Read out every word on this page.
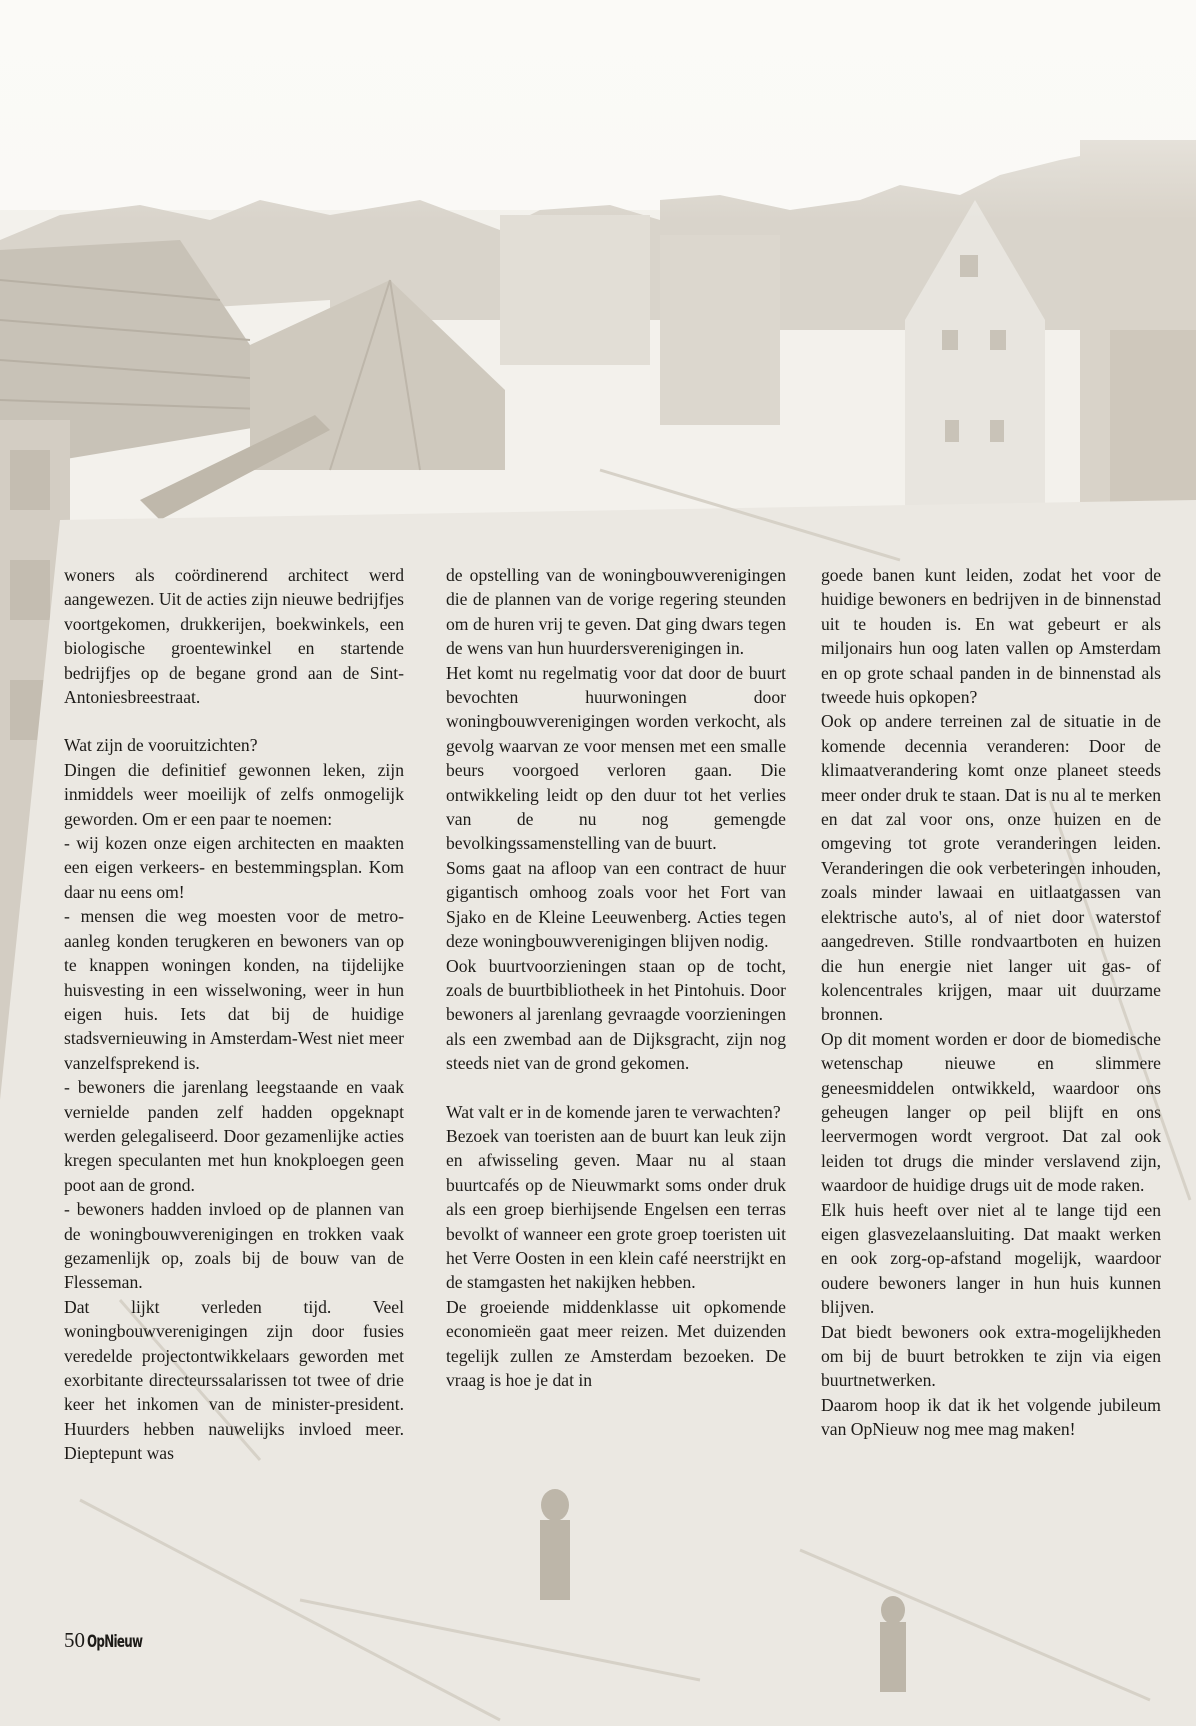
woners als coördinerend architect werd aangewezen. Uit de acties zijn nieuwe bedrijfjes voortgekomen, drukkerijen, boekwinkels, een biologische groentewinkel en startende bedrijfjes op de begane grond aan de Sint-Antoniesbreestraat.

Wat zijn de vooruitzichten?

Dingen die definitief gewonnen leken, zijn inmiddels weer moeilijk of zelfs onmogelijk geworden. Om er een paar te noemen:

- wij kozen onze eigen architecten en maakten een eigen verkeers- en bestemmingsplan. Kom daar nu eens om!

- mensen die weg moesten voor de metro-aanleg konden terugkeren en bewoners van op te knappen woningen konden, na tijdelijke huisvesting in een wisselwoning, weer in hun eigen huis. Iets dat bij de huidige stadsvernieuwing in Amsterdam-West niet meer vanzelfsprekend is.

- bewoners die jarenlang leegstaande en vaak vernielde panden zelf hadden opgeknapt werden gelegaliseerd. Door gezamenlijke acties kregen speculanten met hun knokploegen geen poot aan de grond.

- bewoners hadden invloed op de plannen van de woningbouwverenigingen en trokken vaak gezamenlijk op, zoals bij de bouw van de Flesseman.

Dat lijkt verleden tijd. Veel woningbouwverenigingen zijn door fusies veredelde projectontwikkelaars geworden met exorbitante directeurssalarissen tot twee of drie keer het inkomen van de minister-president. Huurders hebben nauwelijks invloed meer. Dieptepunt was

de opstelling van de woningbouwverenigingen die de plannen van de vorige regering steunden om de huren vrij te geven. Dat ging dwars tegen de wens van hun huurdersverenigingen in.

Het komt nu regelmatig voor dat door de buurt bevochten huurwoningen door woningbouwverenigingen worden verkocht, als gevolg waarvan ze voor mensen met een smalle beurs voorgoed verloren gaan. Die ontwikkeling leidt op den duur tot het verlies van de nu nog gemengde bevolkingssamenstelling van de buurt.

Soms gaat na afloop van een contract de huur gigantisch omhoog zoals voor het Fort van Sjako en de Kleine Leeuwenberg. Acties tegen deze woningbouwverenigingen blijven nodig.

Ook buurtvoorzieningen staan op de tocht, zoals de buurtbibliotheek in het Pintohuis. Door bewoners al jarenlang gevraagde voorzieningen als een zwembad aan de Dijksgracht, zijn nog steeds niet van de grond gekomen.

Wat valt er in de komende jaren te verwachten?

Bezoek van toeristen aan de buurt kan leuk zijn en afwisseling geven. Maar nu al staan buurtcafés op de Nieuwmarkt soms onder druk als een groep bierhijsende Engelsen een terras bevolkt of wanneer een grote groep toeristen uit het Verre Oosten in een klein café neerstrijkt en de stamgasten het nakijken hebben.

De groeiende middenklasse uit opkomende economieën gaat meer reizen. Met duizenden tegelijk zullen ze Amsterdam bezoeken. De vraag is hoe je dat in

goede banen kunt leiden, zodat het voor de huidige bewoners en bedrijven in de binnenstad uit te houden is. En wat gebeurt er als miljonairs hun oog laten vallen op Amsterdam en op grote schaal panden in de binnenstad als tweede huis opkopen?

Ook op andere terreinen zal de situatie in de komende decennia veranderen: Door de klimaatverandering komt onze planeet steeds meer onder druk te staan. Dat is nu al te merken en dat zal voor ons, onze huizen en de omgeving tot grote veranderingen leiden. Veranderingen die ook verbeteringen inhouden, zoals minder lawaai en uitlaatgassen van elektrische auto's, al of niet door waterstof aangedreven. Stille rondvaartboten en huizen die hun energie niet langer uit gas- of kolencentrales krijgen, maar uit duurzame bronnen.

Op dit moment worden er door de biomedische wetenschap nieuwe en slimmere geneesmiddelen ontwikkeld, waardoor ons geheugen langer op peil blijft en ons leervermogen wordt vergroot. Dat zal ook leiden tot drugs die minder verslavend zijn, waardoor de huidige drugs uit de mode raken.

Elk huis heeft over niet al te lange tijd een eigen glasvezelaansluiting. Dat maakt werken en ook zorg-op-afstand mogelijk, waardoor oudere bewoners langer in hun huis kunnen blijven.

Dat biedt bewoners ook extra-mogelijkheden om bij de buurt betrokken te zijn via eigen buurtnetwerken.

Daarom hoop ik dat ik het volgende jubileum van OpNieuw nog mee mag maken!

50 OpNieuw
